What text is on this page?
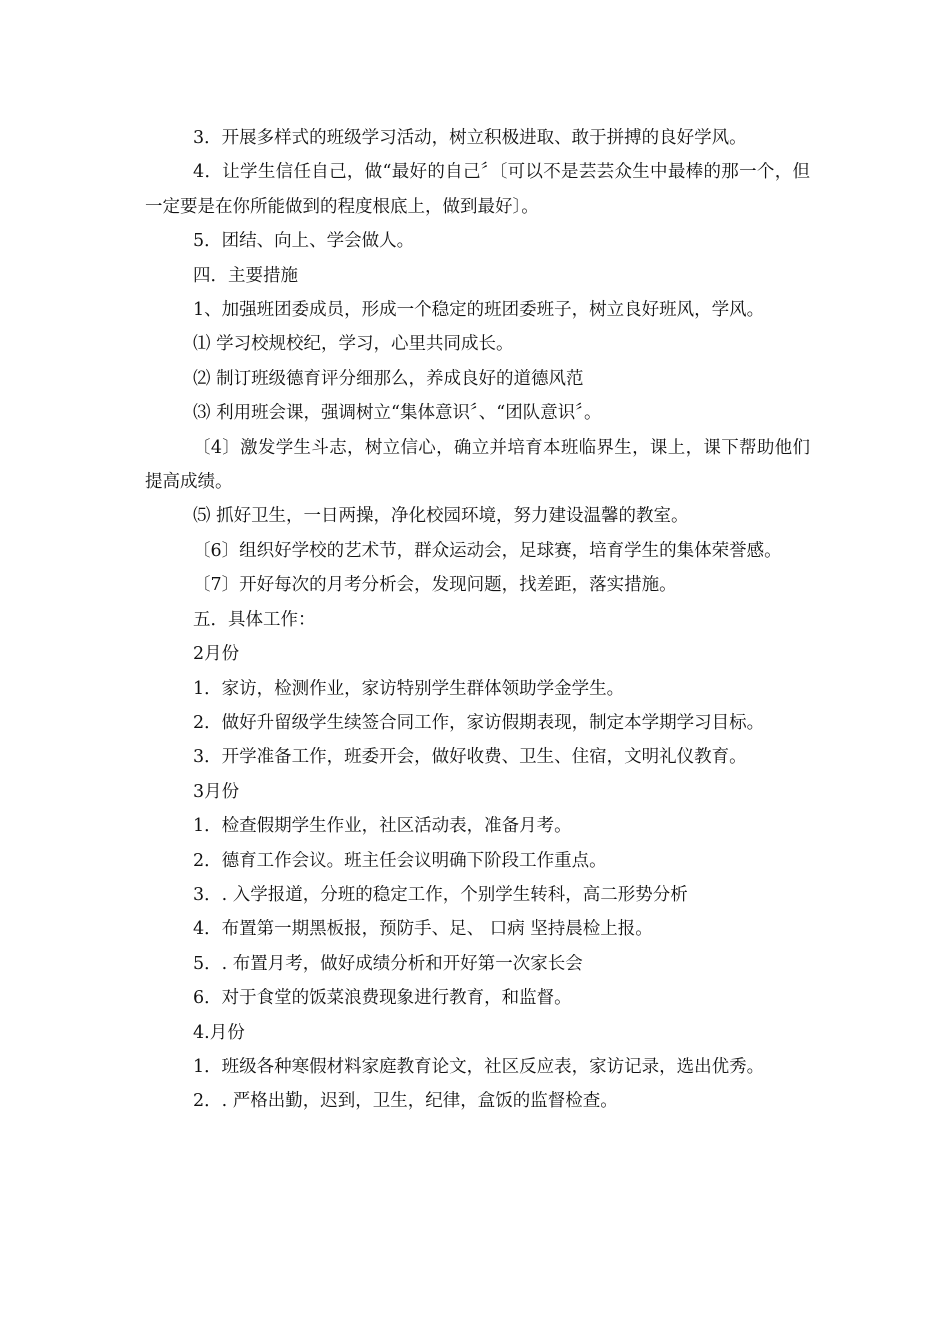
3．开展多样式的班级学习活动，树立积极进取、敢于拼搏的良好学风。

4．让学生信任自己，做“最好的自己〞〔可以不是芸芸众生中最棒的那一个，但一定要是在你所能做到的程度根底上，做到最好〕。

5．团结、向上、学会做人。

四．主要措施

1、加强班团委成员，形成一个稳定的班团委班子，树立良好班风，学风。

⑴ 学习校规校纪，学习，心里共同成长。

⑵ 制订班级德育评分细那么，养成良好的道德风范

⑶ 利用班会课，强调树立“集体意识〞、“团队意识〞。

〔4〕激发学生斗志，树立信心，确立并培育本班临界生，课上，课下帮助他们提高成绩。

⑸ 抓好卫生，一日两操，净化校园环境，努力建设温馨的教室。

〔6〕组织好学校的艺术节，群众运动会，足球赛，培育学生的集体荣誉感。

〔7〕开好每次的月考分析会，发现问题，找差距，落实措施。

五．具体工作：

2月份

1．家访，检测作业，家访特别学生群体领助学金学生。

2．做好升留级学生续签合同工作，家访假期表现，制定本学期学习目标。

3．开学准备工作，班委开会，做好收费、卫生、住宿，文明礼仪教育。

3月份

1．检查假期学生作业，社区活动表，准备月考。

2．德育工作会议。班主任会议明确下阶段工作重点。

3．. 入学报道，分班的稳定工作，个别学生转科，高二形势分析

4．布置第一期黑板报，预防手、足、 口病 坚持晨检上报。

5．. 布置月考，做好成绩分析和开好第一次家长会

6．对于食堂的饭菜浪费现象进行教育，和监督。

4.月份

1．班级各种寒假材料家庭教育论文，社区反应表，家访记录，选出优秀。

2．. 严格出勤，迟到，卫生，纪律，盒饭的监督检查。
